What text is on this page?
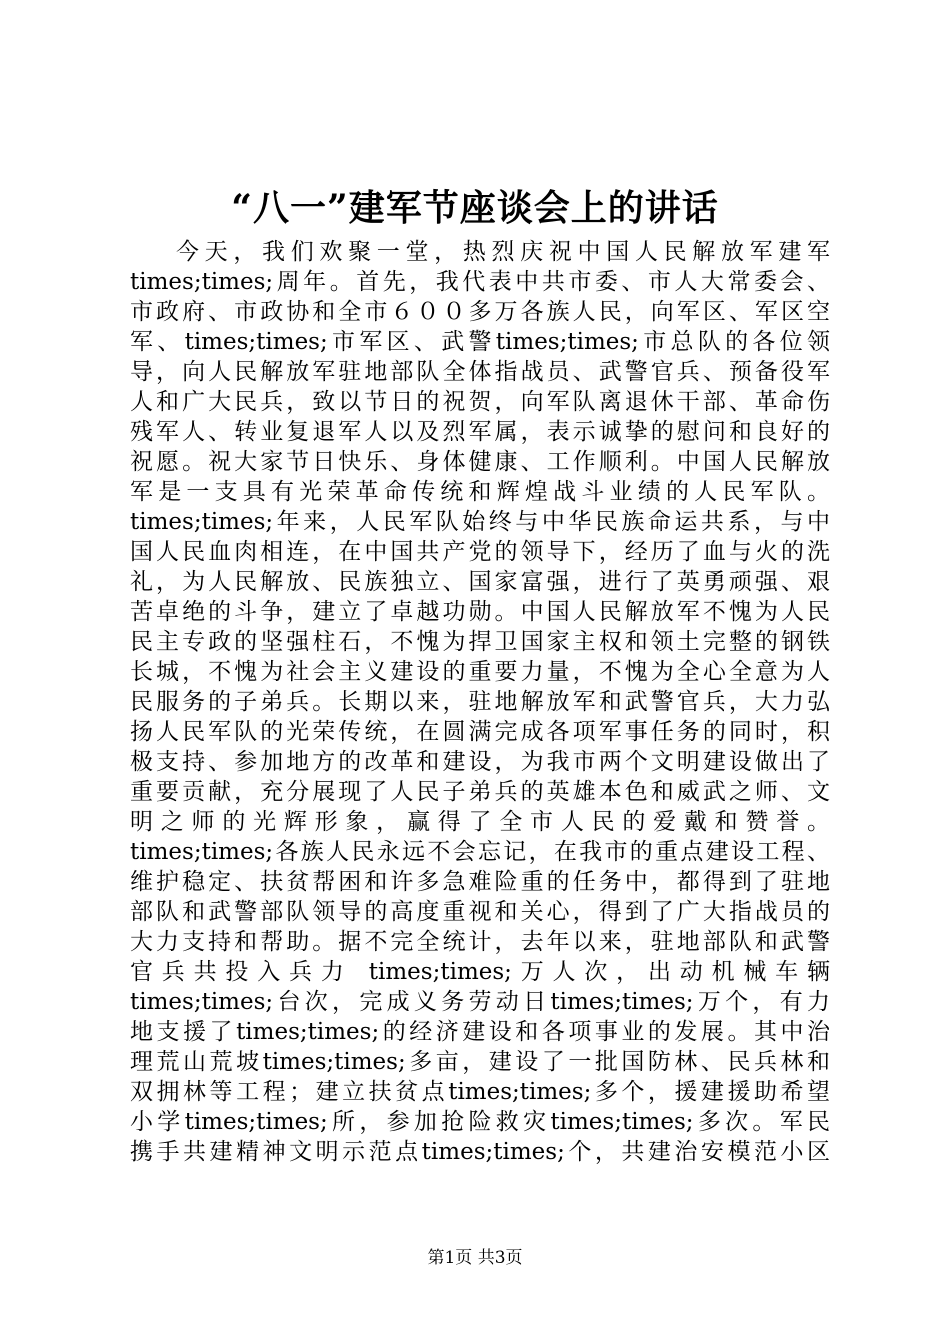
“八一”建军节座谈会上的讲话
今天，我们欢聚一堂，热烈庆祝中国人民解放军建军
times;times;周年。首先，我代表中共市委、市人大常委会、
市政府、市政协和全市６００多万各族人民，向军区、军区空
军、times;times;市军区、武警times;times;市总队的各位领
导，向人民解放军驻地部队全体指战员、武警官兵、预备役军
人和广大民兵，致以节日的祝贺，向军队离退休干部、革命伤
残军人、转业复退军人以及烈军属，表示诚挚的慰问和良好的
祝愿。祝大家节日快乐、身体健康、工作顺利。中国人民解放
军是一支具有光荣革命传统和辉煌战斗业绩的人民军队。
times;times;年来，人民军队始终与中华民族命运共系，与中
国人民血肉相连，在中国共产党的领导下，经历了血与火的洗
礼，为人民解放、民族独立、国家富强，进行了英勇顽强、艰
苦卓绝的斗争，建立了卓越功勋。中国人民解放军不愧为人民
民主专政的坚强柱石，不愧为捍卫国家主权和领土完整的钢铁
长城，不愧为社会主义建设的重要力量，不愧为全心全意为人
民服务的子弟兵。长期以来，驻地解放军和武警官兵，大力弘
扬人民军队的光荣传统，在圆满完成各项军事任务的同时，积
极支持、参加地方的改革和建设，为我市两个文明建设做出了
重要贡献，充分展现了人民子弟兵的英雄本色和威武之师、文
明之师的光辉形象，赢得了全市人民的爱戴和赞誉。
times;times;各族人民永远不会忘记，在我市的重点建设工程、
维护稳定、扶贫帮困和许多急难险重的任务中，都得到了驻地
部队和武警部队领导的高度重视和关心，得到了广大指战员的
大力支持和帮助。据不完全统计，去年以来，驻地部队和武警
官兵共投入兵力 times;times;万人次，出动机械车辆
times;times;台次，完成义务劳动日times;times;万个，有力
地支援了times;times;的经济建设和各项事业的发展。其中治
理荒山荒坡times;times;多亩，建设了一批国防林、民兵林和
双拥林等工程；建立扶贫点times;times;多个，援建援助希望
小学times;times;所，参加抢险救灾times;times;多次。军民
携手共建精神文明示范点times;times;个，共建治安模范小区
第1页 共3页
